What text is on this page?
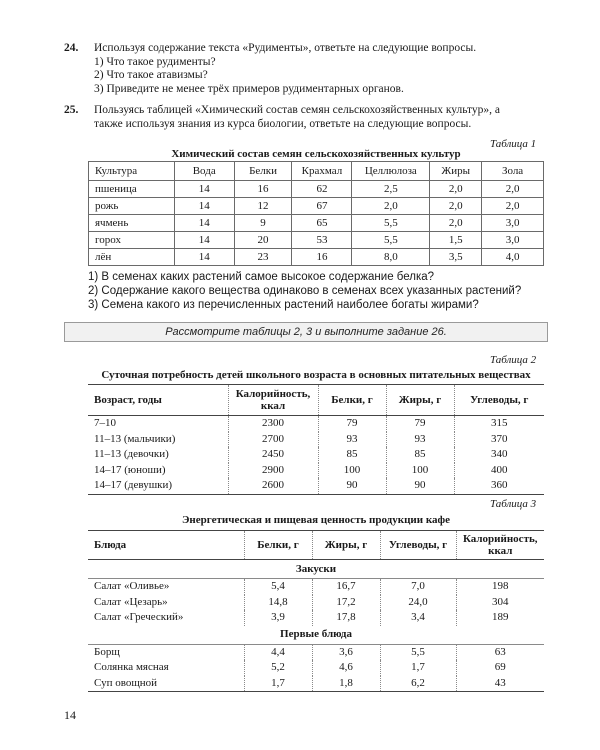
24. Используя содержание текста «Рудименты», ответьте на следующие вопросы.
1) Что такое рудименты?
2) Что такое атавизмы?
3) Приведите не менее трёх примеров рудиментарных органов.
25. Пользуясь таблицей «Химический состав семян сельскохозяйственных культур», а
также используя знания из курса биологии, ответьте на следующие вопросы.
Таблица 1
Химический состав семян сельскохозяйственных культур
Культура	Вода	Белки	Крахмал	Целлюлоза	Жиры	Зола
пшеница	14	16	62	2,5	2,0	2,0
рожь	14	12	67	2,0	2,0	2,0
ячмень	14	9	65	5,5	2,0	3,0
горох	14	20	53	5,5	1,5	3,0
лён	14	23	16	8,0	3,5	4,0
1) В семенах каких растений самое высокое содержание белка?
2) Содержание какого вещества одинаково в семенах всех указанных растений?
3) Семена какого из перечисленных растений наиболее богаты жирами?
Рассмотрите таблицы 2, 3 и выполните задание 26.
Таблица 2
Суточная потребность детей школьного возраста в основных питательных веществах
Возраст, годы	Калорийность, ккал	Белки, г	Жиры, г	Углеводы, г
7–10	2300	79	79	315
11–13 (мальчики)	2700	93	93	370
11–13 (девочки)	2450	85	85	340
14–17 (юноши)	2900	100	100	400
14–17 (девушки)	2600	90	90	360
Таблица 3
Энергетическая и пищевая ценность продукции кафе
Блюда	Белки, г	Жиры, г	Углеводы, г	Калорийность, ккал
Закуски				
Салат «Оливье»	5,4	16,7	7,0	198
Салат «Цезарь»	14,8	17,2	24,0	304
Салат «Греческий»	3,9	17,8	3,4	189
Первые блюда				
Борщ	4,4	3,6	5,5	63
Солянка мясная	5,2	4,6	1,7	69
Суп овощной	1,7	1,8	6,2	43
14
